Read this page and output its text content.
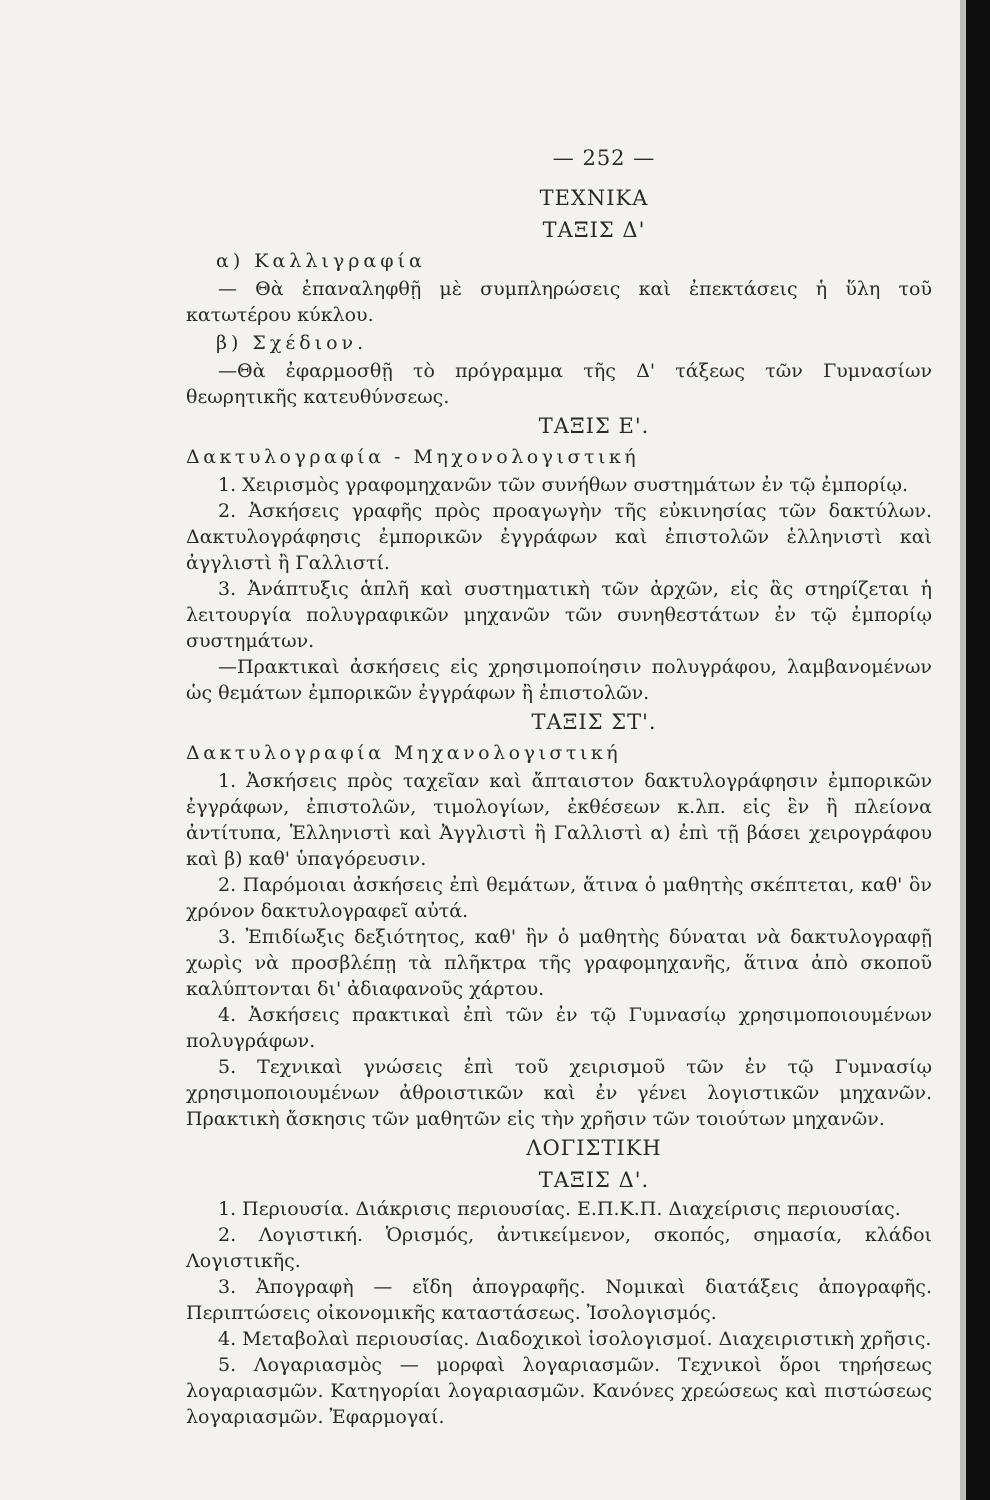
— 252 —
ΤΕΧΝΙΚΑ
ΤΑΞΙΣ Δ'
α) Καλλιγραφία

— Θὰ ἐπαναληφθῇ μὲ συμπληρώσεις καὶ ἐπεκτάσεις ἡ ὕλη τοῦ κατωτέρου κύκλου.

β) Σχέδιον.

—Θὰ ἐφαρμοσθῇ τὸ πρόγραμμα τῆς Δ' τάξεως τῶν Γυμνασίων θεωρητικῆς κατευθύνσεως.

ΤΑΞΙΣ Ε'.
Δακτυλογραφία - Μηχονολογιστική

1. Χειρισμὸς γραφομηχανῶν τῶν συνήθων συστημάτων ἐν τῷ ἐμπορίῳ.

2. Ἀσκήσεις γραφῆς πρὸς προαγωγὴν τῆς εὐκινησίας τῶν δακτύλων. Δακτυλογράφησις ἐμπορικῶν ἐγγράφων καὶ ἐπιστολῶν ἑλληνιστὶ καὶ ἀγγλιστὶ ἢ Γαλλιστί.

3. Ἀνάπτυξις ἁπλῆ καὶ συστηματικὴ τῶν ἀρχῶν, εἰς ἃς στηρίζεται ἡ λειτουργία πολυγραφικῶν μηχανῶν τῶν συνηθεστάτων ἐν τῷ ἐμπορίῳ συστημάτων.

—Πρακτικαὶ ἀσκήσεις εἰς χρησιμοποίησιν πολυγράφου, λαμβανομένων ὡς θεμάτων ἐμπορικῶν ἐγγράφων ἢ ἐπιστολῶν.

ΤΑΞΙΣ ΣΤ'.
Δακτυλογραφία Μηχανολογιστική

1. Ἀσκήσεις πρὸς ταχεῖαν καὶ ἄπταιστον δακτυλογράφησιν ἐμπορικῶν ἐγγράφων, ἐπιστολῶν, τιμολογίων, ἐκθέσεων κ.λπ. εἰς ἓν ἢ πλείονα ἀντίτυπα, Ἑλληνιστὶ καὶ Ἀγγλιστὶ ἢ Γαλλιστὶ α) ἐπὶ τῇ βάσει χειρογράφου καὶ β) καθ' ὑπαγόρευσιν.

2. Παρόμοιαι ἀσκήσεις ἐπὶ θεμάτων, ἅτινα ὁ μαθητὴς σκέπτεται, καθ' ὃν χρόνον δακτυλογραφεῖ αὐτά.

3. Ἐπιδίωξις δεξιότητος, καθ' ἣν ὁ μαθητὴς δύναται νὰ δακτυλογραφῇ χωρὶς νὰ προσβλέπῃ τὰ πλῆκτρα τῆς γραφομηχανῆς, ἅτινα ἀπὸ σκοποῦ καλύπτονται δι' ἀδιαφανοῦς χάρτου.

4. Ἀσκήσεις πρακτικαὶ ἐπὶ τῶν ἐν τῷ Γυμνασίῳ χρησιμοποιουμένων πολυγράφων.

5. Τεχνικαὶ γνώσεις ἐπὶ τοῦ χειρισμοῦ τῶν ἐν τῷ Γυμνασίῳ χρησιμοποιουμένων ἀθροιστικῶν καὶ ἐν γένει λογιστικῶν μηχανῶν. Πρακτικὴ ἄσκησις τῶν μαθητῶν εἰς τὴν χρῆσιν τῶν τοιούτων μηχανῶν.

ΛΟΓΙΣΤΙΚΗ
ΤΑΞΙΣ Δ'.

1. Περιουσία. Διάκρισις περιουσίας. Ε.Π.Κ.Π. Διαχείρισις περιουσίας.

2. Λογιστική. Ὁρισμός, ἀντικείμενον, σκοπός, σημασία, κλάδοι Λογιστικῆς.

3. Ἀπογραφὴ — εἴδη ἀπογραφῆς. Νομικαὶ διατάξεις ἀπογραφῆς. Περιπτώσεις οἰκονομικῆς καταστάσεως. Ἰσολογισμός.

4. Μεταβολαὶ περιουσίας. Διαδοχικοὶ ἰσολογισμοί. Διαχειριστικὴ χρῆσις.

5. Λογαριασμὸς — μορφαὶ λογαριασμῶν. Τεχνικοὶ ὅροι τηρήσεως λογαριασμῶν. Κατηγορίαι λογαριασμῶν. Κανόνες χρεώσεως καὶ πιστώσεως λογαριασμῶν. Ἐφαρμογαί.
